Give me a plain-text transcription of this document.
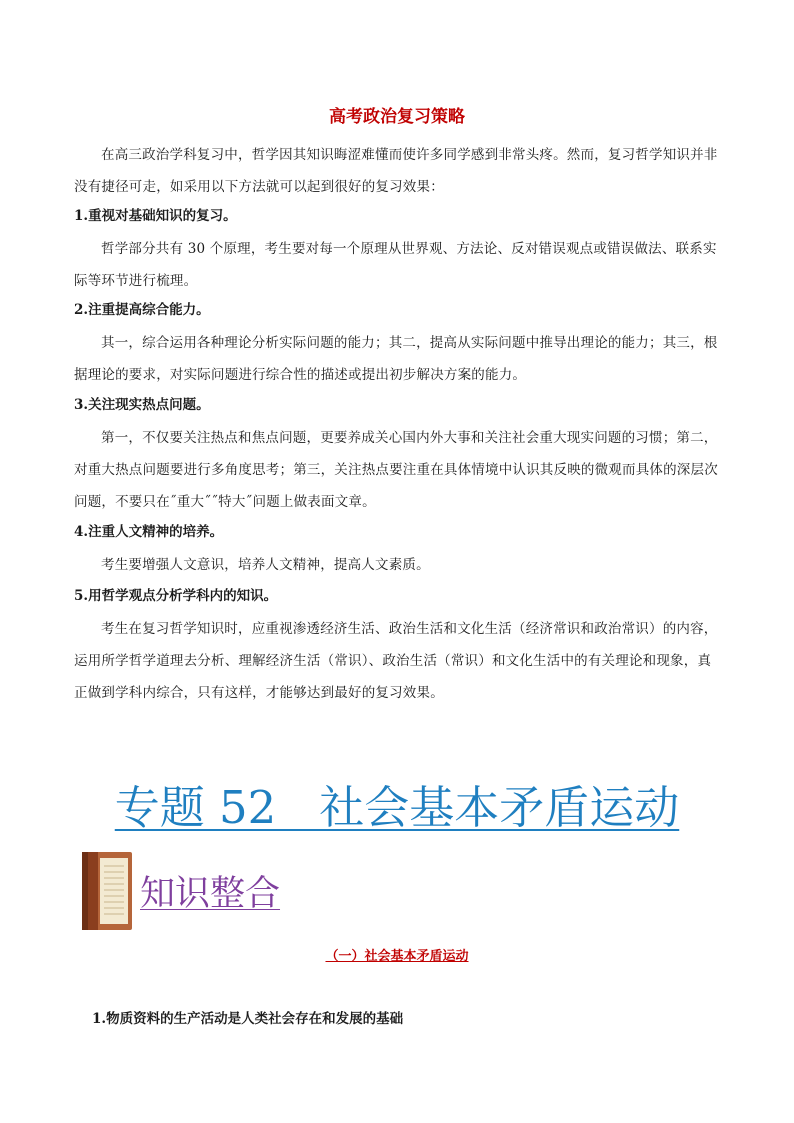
高考政治复习策略
在高三政治学科复习中，哲学因其知识晦涩难懂而使许多同学感到非常头疼。然而，复习哲学知识并非没有捷径可走，如采用以下方法就可以起到很好的复习效果：
1.重视对基础知识的复习。
哲学部分共有 30 个原理，考生要对每一个原理从世界观、方法论、反对错误观点或错误做法、联系实际等环节进行梳理。
2.注重提高综合能力。
其一，综合运用各种理论分析实际问题的能力；其二，提高从实际问题中推导出理论的能力；其三，根据理论的要求，对实际问题进行综合性的描述或提出初步解决方案的能力。
3.关注现实热点问题。
第一，不仅要关注热点和焦点问题，更要养成关心国内外大事和关注社会重大现实问题的习惯；第二，对重大热点问题要进行多角度思考；第三，关注热点要注重在具体情境中认识其反映的微观而具体的深层次问题，不要只在˝重大˝˝特大˝问题上做表面文章。
4.注重人文精神的培养。
考生要增强人文意识，培养人文精神，提高人文素质。
5.用哲学观点分析学科内的知识。
考生在复习哲学知识时，应重视渗透经济生活、政治生活和文化生活（经济常识和政治常识）的内容，运用所学哲学道理去分析、理解经济生活（常识）、政治生活（常识）和文化生活中的有关理论和现象，真正做到学科内综合，只有这样，才能够达到最好的复习效果。
专题 52   社会基本矛盾运动
知识整合
（一）社会基本矛盾运动
1.物质资料的生产活动是人类社会存在和发展的基础
